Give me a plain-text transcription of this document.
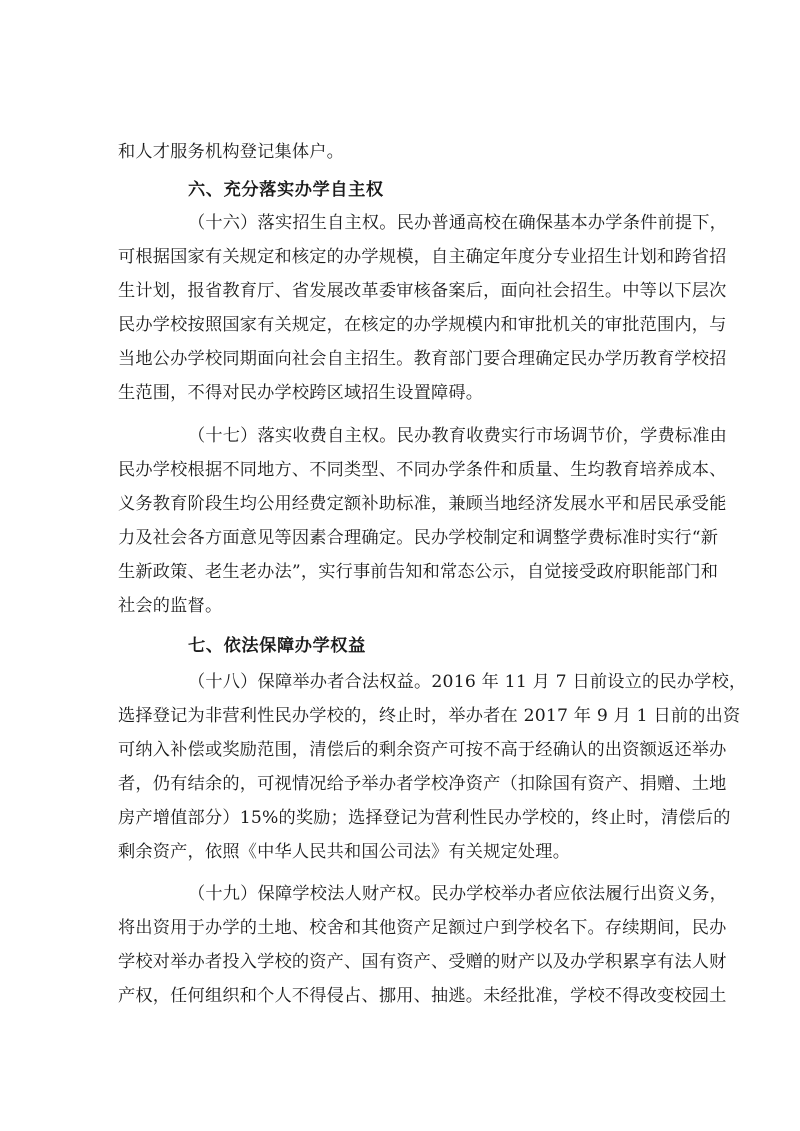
和人才服务机构登记集体户。
六、充分落实办学自主权
（十六）落实招生自主权。民办普通高校在确保基本办学条件前提下，
可根据国家有关规定和核定的办学规模，自主确定年度分专业招生计划和跨省招
生计划，报省教育厅、省发展改革委审核备案后，面向社会招生。中等以下层次
民办学校按照国家有关规定，在核定的办学规模内和审批机关的审批范围内，与
当地公办学校同期面向社会自主招生。教育部门要合理确定民办学历教育学校招
生范围，不得对民办学校跨区域招生设置障碍。
（十七）落实收费自主权。民办教育收费实行市场调节价，学费标准由
民办学校根据不同地方、不同类型、不同办学条件和质量、生均教育培养成本、
义务教育阶段生均公用经费定额补助标准，兼顾当地经济发展水平和居民承受能
力及社会各方面意见等因素合理确定。民办学校制定和调整学费标准时实行“新
生新政策、老生老办法”，实行事前告知和常态公示，自觉接受政府职能部门和
社会的监督。
七、依法保障办学权益
（十八）保障举办者合法权益。2016 年 11 月 7 日前设立的民办学校，
选择登记为非营利性民办学校的，终止时，举办者在 2017 年 9 月 1 日前的出资
可纳入补偿或奖励范围，清偿后的剩余资产可按不高于经确认的出资额返还举办
者，仍有结余的，可视情况给予举办者学校净资产（扣除国有资产、捐赠、土地
房产增值部分）15%的奖励；选择登记为营利性民办学校的，终止时，清偿后的
剩余资产，依照《中华人民共和国公司法》有关规定处理。
（十九）保障学校法人财产权。民办学校举办者应依法履行出资义务，
将出资用于办学的土地、校舍和其他资产足额过户到学校名下。存续期间，民办
学校对举办者投入学校的资产、国有资产、受赠的财产以及办学积累享有法人财
产权，任何组织和个人不得侵占、挪用、抽逃。未经批准，学校不得改变校园土
